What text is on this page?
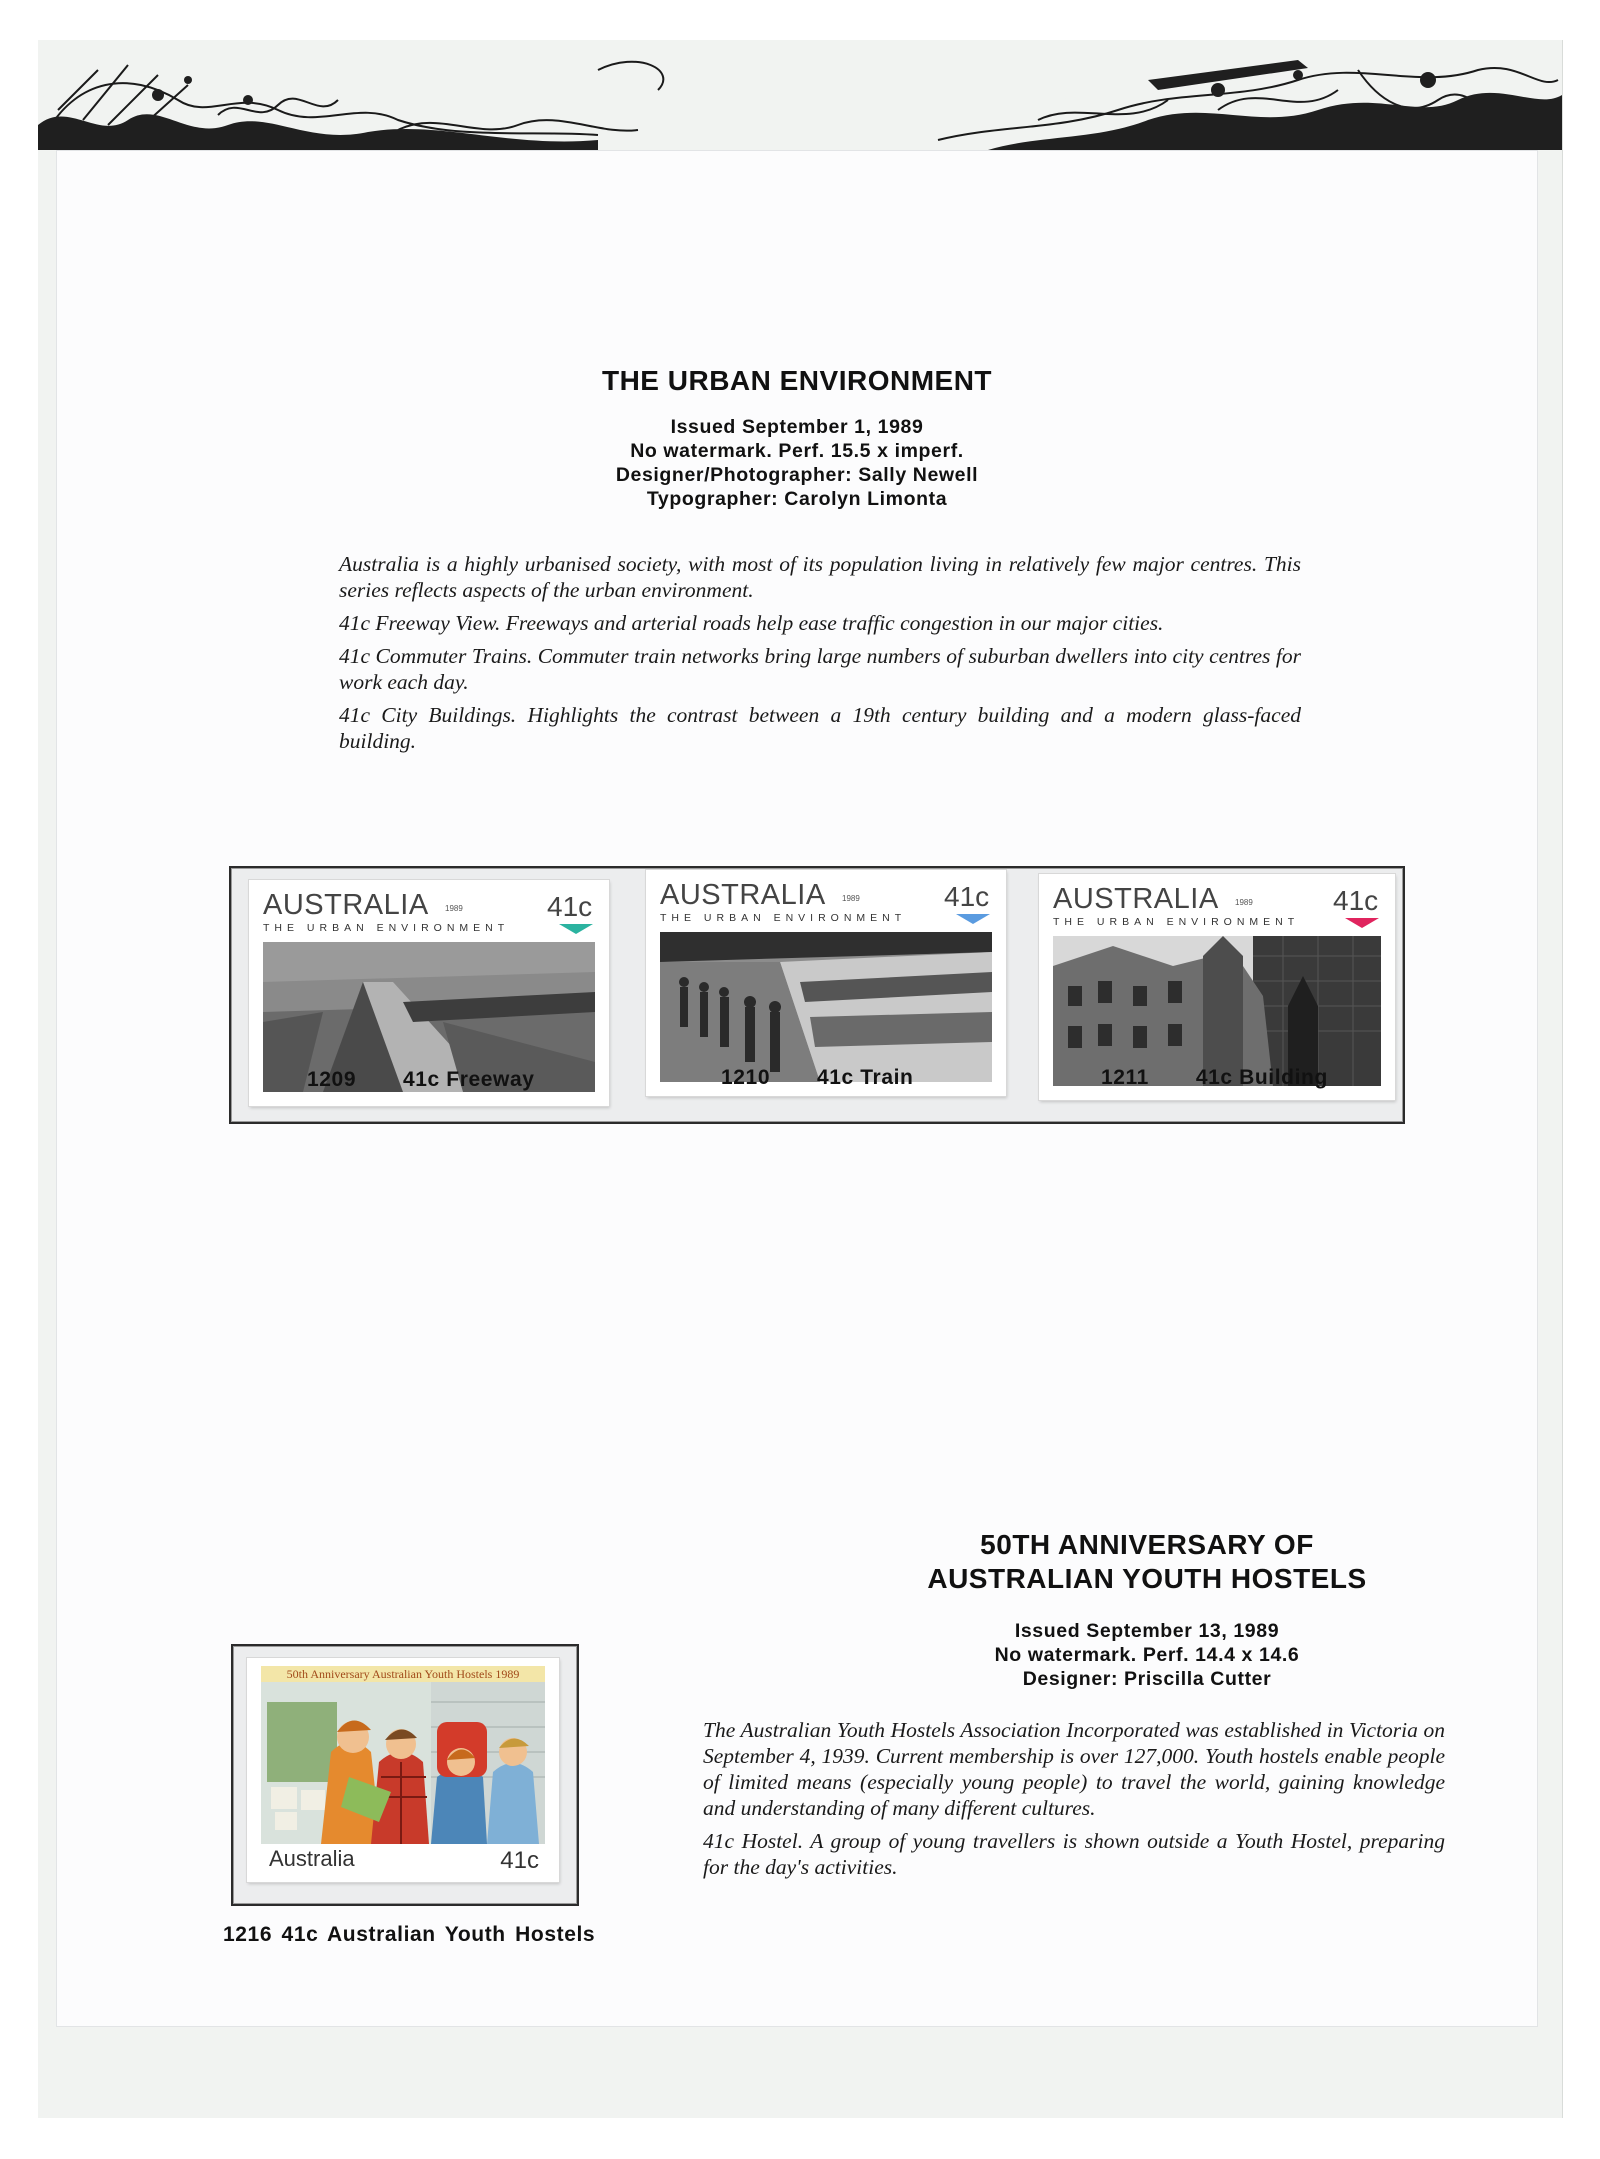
THE URBAN ENVIRONMENT
Issued September 1, 1989
No watermark. Perf. 15.5 x imperf.
Designer/Photographer: Sally Newell
Typographer: Carolyn Limonta

Australia is a highly urbanised society, with most of its population living in relatively few major centres. This series reflects aspects of the urban environment.

41c Freeway View. Freeways and arterial roads help ease traffic congestion in our major cities.

41c Commuter Trains. Commuter train networks bring large numbers of suburban dwellers into city centres for work each day.

41c City Buildings. Highlights the contrast between a 19th century building and a modern glass-faced building.

AUSTRALIA 1989	41c
THE URBAN ENVIRONMENT
AUSTRALIA 1989	41c
THE URBAN ENVIRONMENT
AUSTRALIA 1989	41c
THE URBAN ENVIRONMENT
1209 41c Freeway	1210 41c Train	1211 41c Building
50TH ANNIVERSARY OF
AUSTRALIAN YOUTH HOSTELS
Issued September 13, 1989
No watermark. Perf. 14.4 x 14.6
Designer: Priscilla Cutter

The Australian Youth Hostels Association Incorporated was established in Victoria on September 4, 1939. Current membership is over 127,000. Youth hostels enable people of limited means (especially young people) to travel the world, gaining knowledge and understanding of many different cultures.

41c Hostel. A group of young travellers is shown outside a Youth Hostel, preparing for the day's activities.

50th Anniversary Australian Youth Hostels 1989
Australia	41c
1216 41c Australian Youth Hostels
